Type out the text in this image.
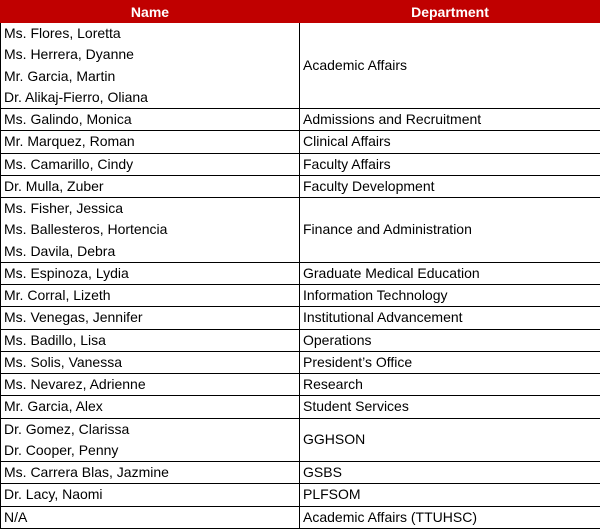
Name	Department

Ms. Flores, Loretta
Ms. Herrera, Dyanne
Mr. Garcia, Martin
Dr. Alikaj-Fierro, Oliana	Academic Affairs

Ms. Galindo, Monica	Admissions and Recruitment

Mr. Marquez, Roman	Clinical Affairs

Ms. Camarillo, Cindy	Faculty Affairs

Dr. Mulla, Zuber	Faculty Development

Ms. Fisher, Jessica
Ms. Ballesteros, Hortencia
Ms. Davila, Debra	Finance and Administration

Ms. Espinoza, Lydia	Graduate Medical Education

Mr. Corral, Lizeth	Information Technology

Ms. Venegas, Jennifer	Institutional Advancement

Ms. Badillo, Lisa	Operations

Ms. Solis, Vanessa	President’s Office

Ms. Nevarez, Adrienne	Research

Mr. Garcia, Alex	Student Services

Dr. Gomez, Clarissa
Dr. Cooper, Penny	GGHSON

Ms. Carrera Blas, Jazmine	GSBS

Dr. Lacy, Naomi	PLFSOM

N/A	Academic Affairs (TTUHSC)
